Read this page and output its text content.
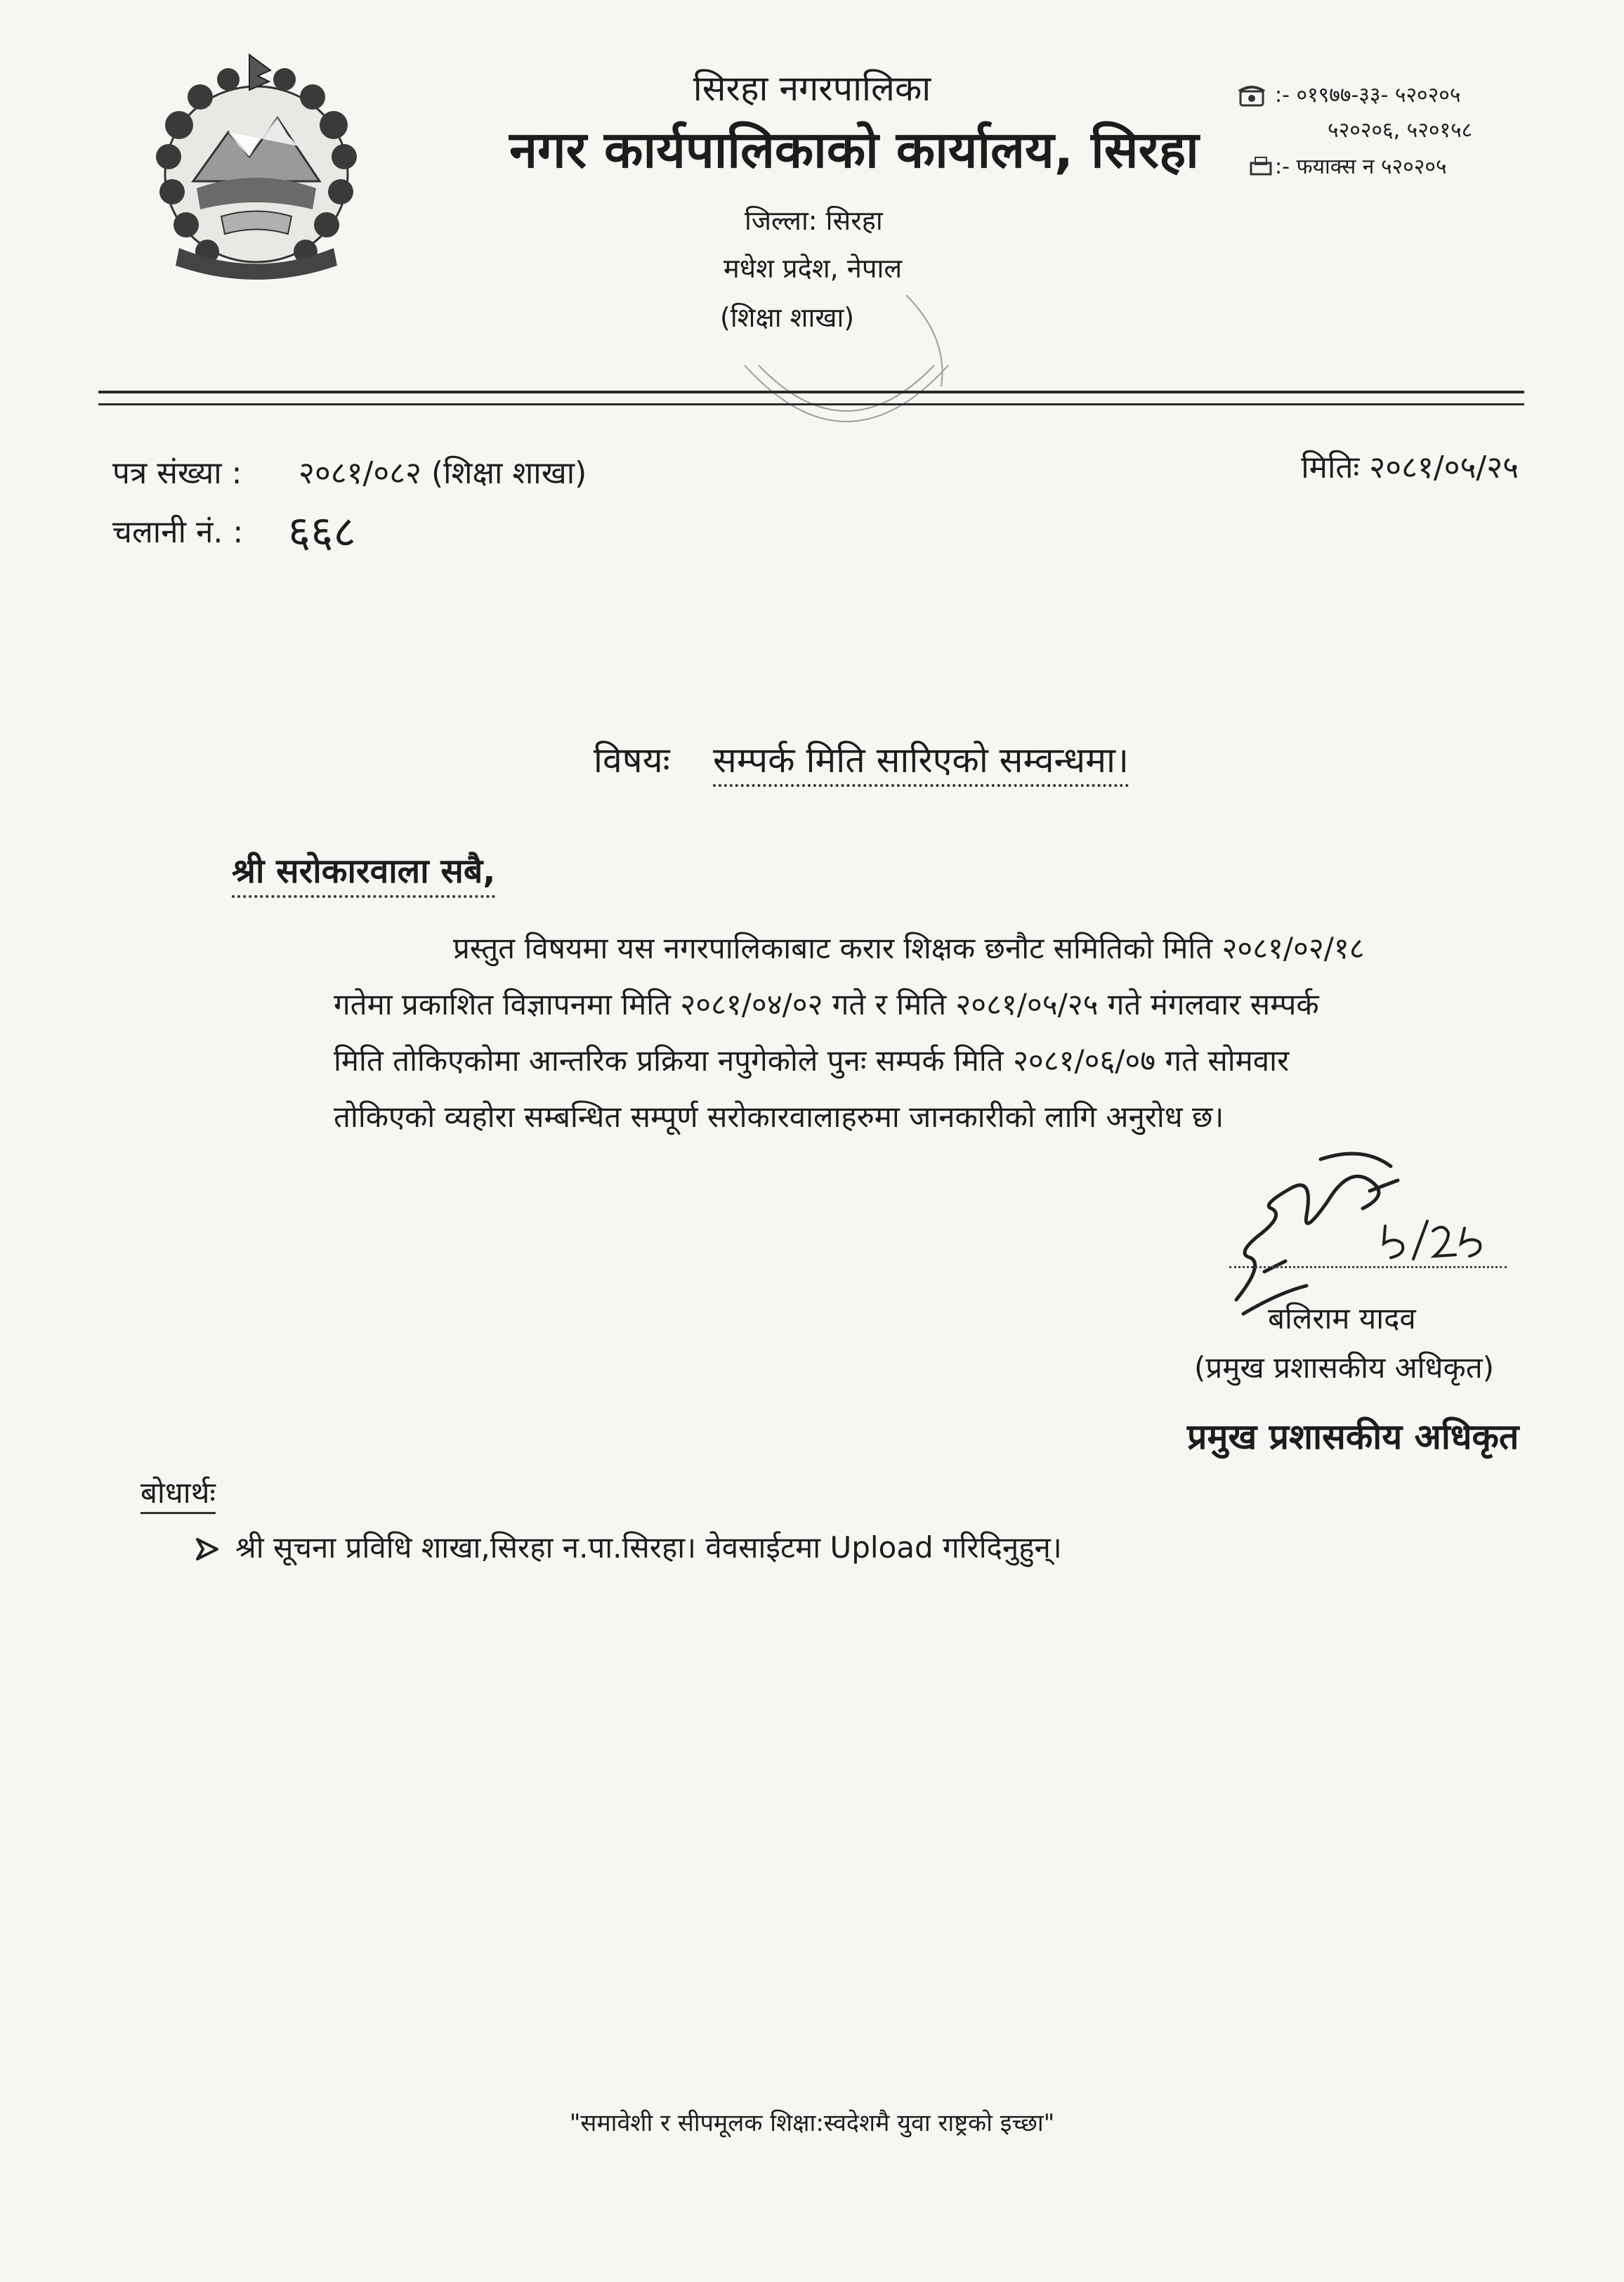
सिरहा नगरपालिका
नगर कार्यपालिकाको कार्यालय, सिरहा
जिल्ला: सिरहा
मधेश प्रदेश, नेपाल
(शिक्षा शाखा)
:- ०१९७७-३३- ५२०२०५
५२०२०६, ५२०१५८
:- फयाक्स न ५२०२०५
पत्र संख्या : २०८१/०८२ (शिक्षा शाखा)	मितिः २०८१/०५/२५
चलानी नं. : ६६८
विषयः सम्पर्क मिति सारिएको सम्वन्धमा।
श्री सरोकारवाला सबै,
प्रस्तुत विषयमा यस नगरपालिकाबाट करार शिक्षक छनौट समितिको मिति २०८१/०२/१८
गतेमा प्रकाशित विज्ञापनमा मिति २०८१/०४/०२ गते र मिति २०८१/०५/२५ गते मंगलवार सम्पर्क
मिति तोकिएकोमा आन्तरिक प्रक्रिया नपुगेकोले पुनः सम्पर्क मिति २०८१/०६/०७ गते सोमवार
तोकिएको व्यहोरा सम्बन्धित सम्पूर्ण सरोकारवालाहरुमा जानकारीको लागि अनुरोध छ।
बलिराम यादव
(प्रमुख प्रशासकीय अधिकृत)
प्रमुख प्रशासकीय अधिकृत
बोधार्थः
श्री सूचना प्रविधि शाखा,सिरहा न.पा.सिरहा। वेवसाईटमा Upload गरिदिनुहुन्।
"समावेशी र सीपमूलक शिक्षा:स्वदेशमै युवा राष्ट्रको इच्छा"
